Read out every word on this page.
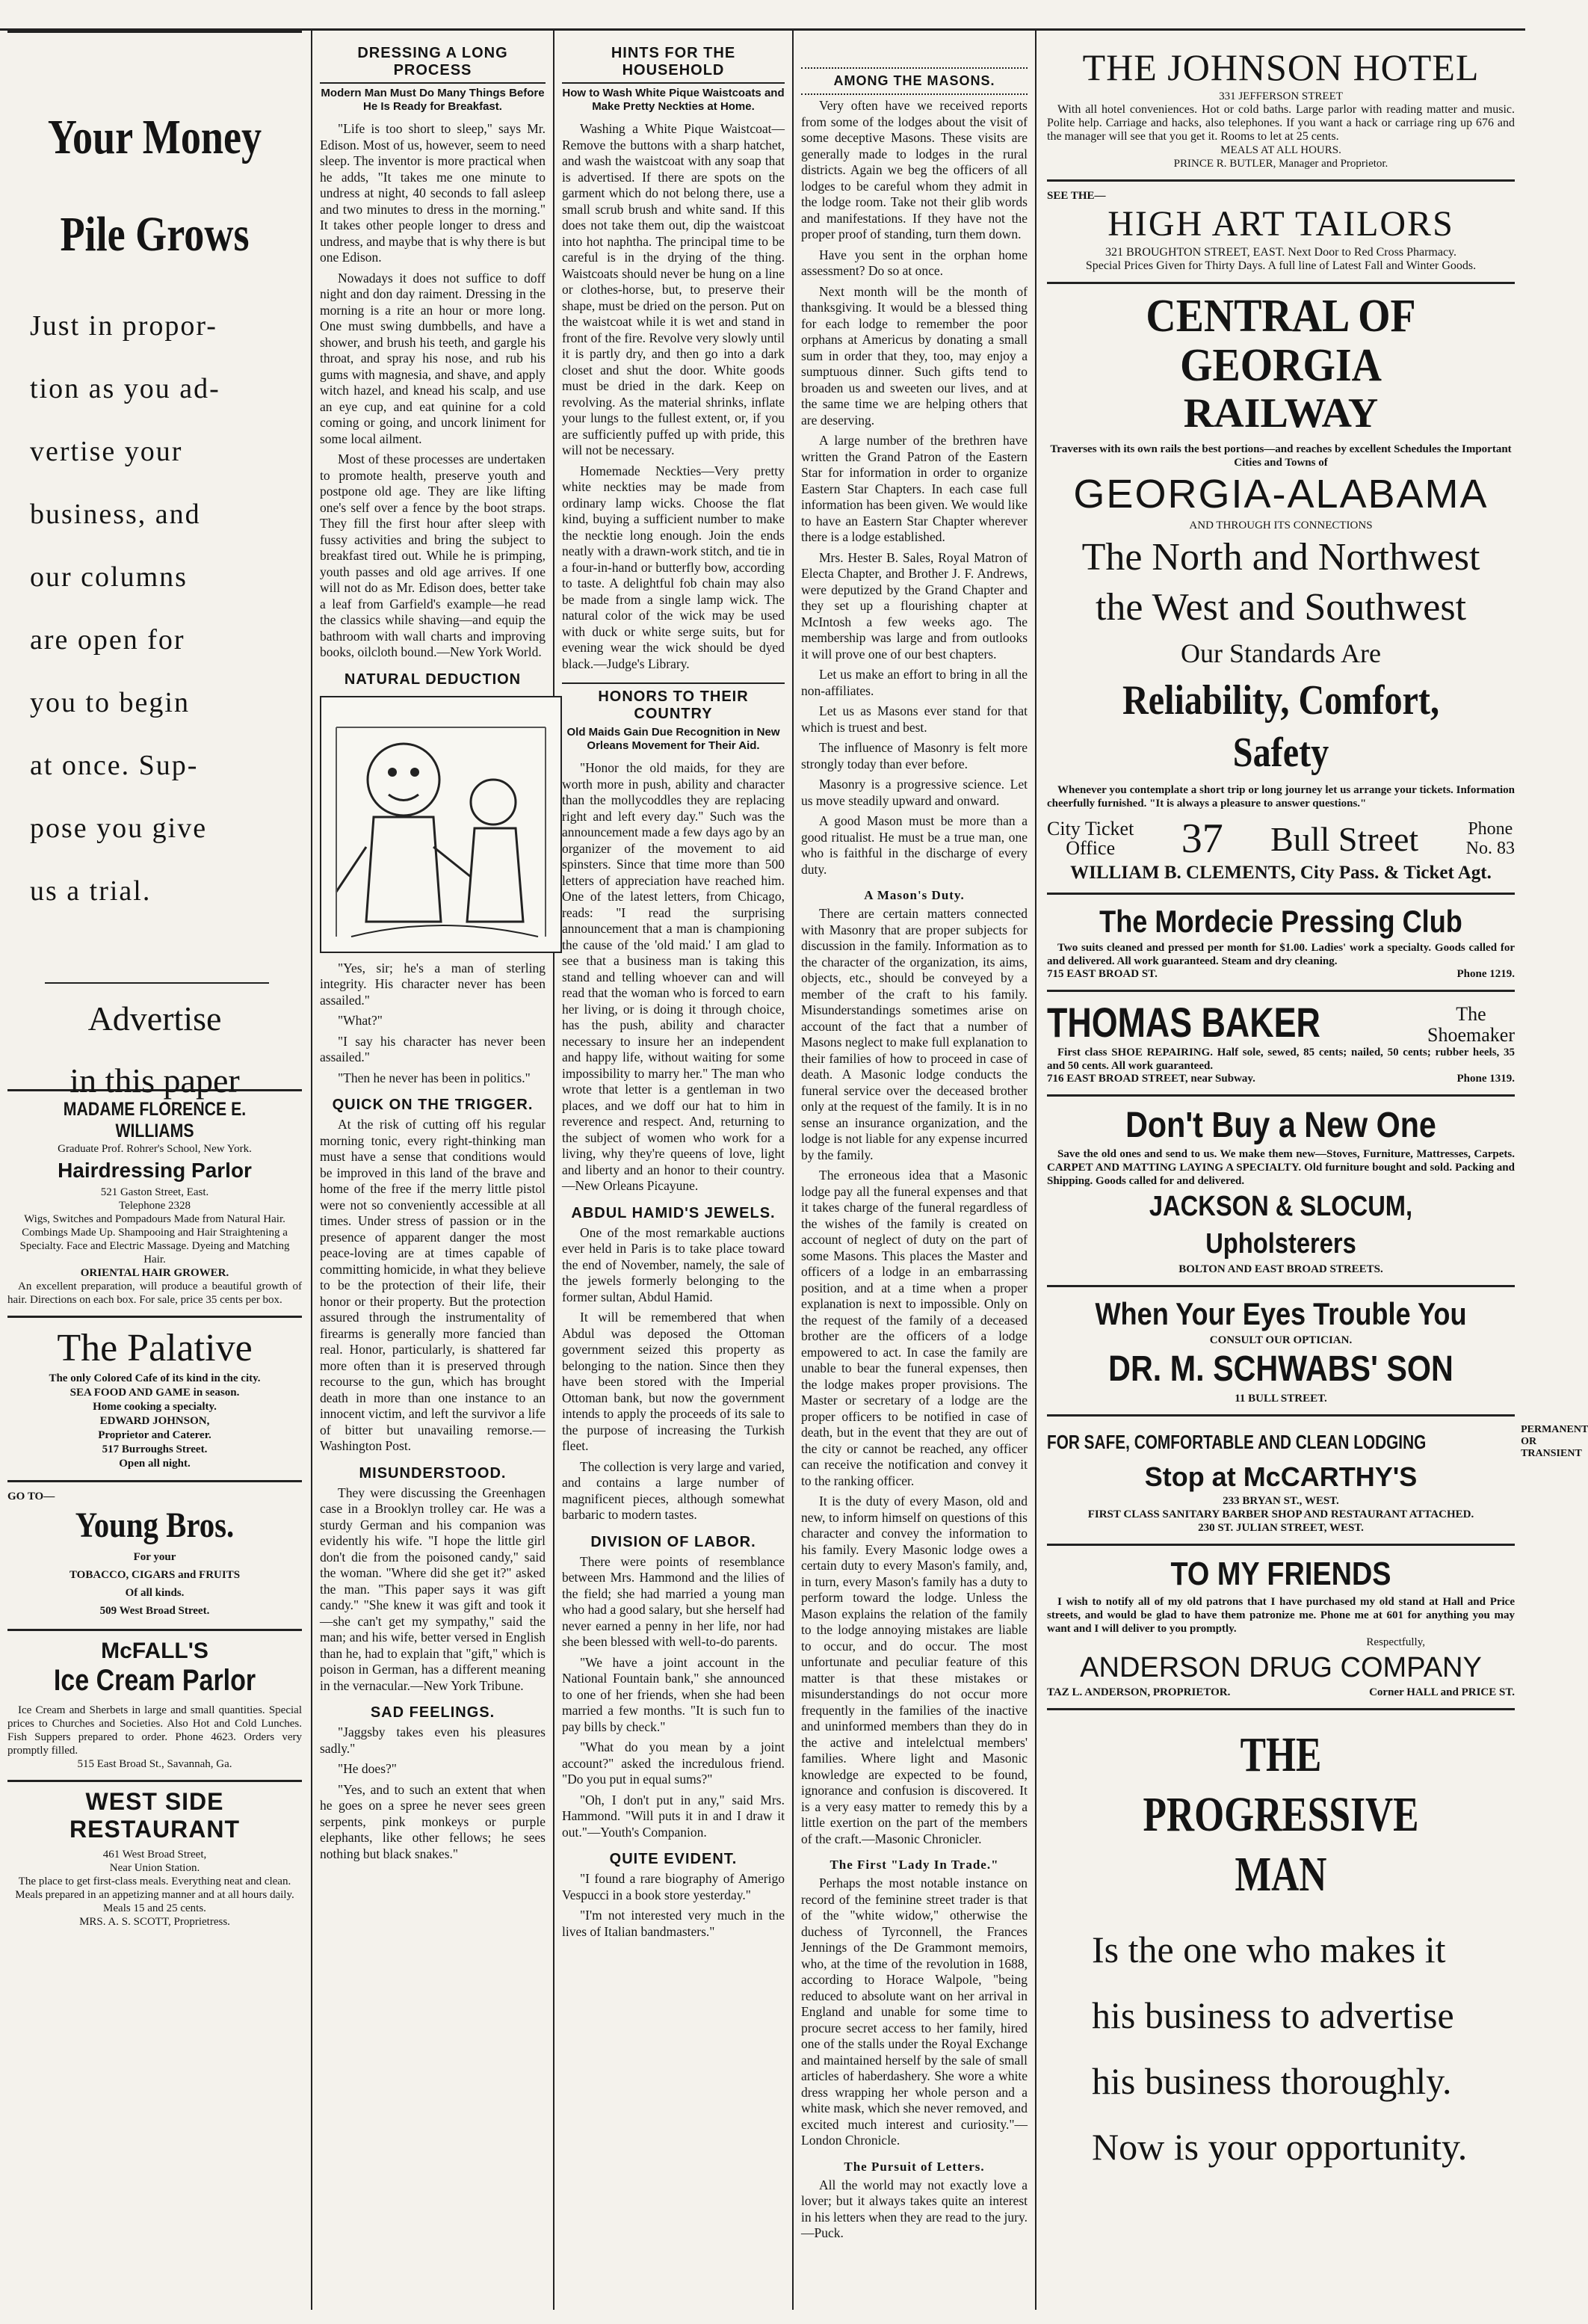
Your Money
Pile Grows
Just in propor-
tion as you ad-
vertise your
business, and
our columns
are open for
you to begin
at once. Sup-
pose you give
us a trial.
Advertise
in this paper
MADAME FLORENCE E. WILLIAMS

Graduate Prof. Rohrer's School, New York.

Hairdressing Parlor

521 Gaston Street, East.

Telephone 2328

Wigs, Switches and Pompadours Made from Natural Hair. Combings Made Up. Shampooing and Hair Straightening a Specialty. Face and Electric Massage. Dyeing and Matching Hair.

ORIENTAL HAIR GROWER.

An excellent preparation, will produce a beautiful growth of hair. Directions on each box. For sale, price 35 cents per box.

The Palative
The only Colored Cafe of its kind in the city.
SEA FOOD AND GAME in season.
Home cooking a specialty.
EDWARD JOHNSON,
Proprietor and Caterer.
517 Burroughs Street.
Open all night.

GO TO—

Young Bros.
For your
TOBACCO, CIGARS and FRUITS
Of all kinds.
509 West Broad Street.
McFALL'S
Ice Cream Parlor

Ice Cream and Sherbets in large and small quantities. Special prices to Churches and Societies. Also Hot and Cold Lunches. Fish Suppers prepared to order. Phone 4623. Orders very promptly filled.

515 East Broad St., Savannah, Ga.

WEST SIDE
RESTAURANT
461 West Broad Street,
Near Union Station.
The place to get first-class meals. Everything neat and clean. Meals prepared in an appetizing manner and at all hours daily.
Meals 15 and 25 cents.
MRS. A. S. SCOTT, Proprietress.
DRESSING A LONG PROCESS
Modern Man Must Do Many Things Before He Is Ready for Breakfast.

"Life is too short to sleep," says Mr. Edison. Most of us, however, seem to need sleep. The inventor is more practical when he adds, "It takes me one minute to undress at night, 40 seconds to fall asleep and two minutes to dress in the morning." It takes other people longer to dress and undress, and maybe that is why there is but one Edison.

Nowadays it does not suffice to doff night and don day raiment. Dressing in the morning is a rite an hour or more long. One must swing dumbbells, and have a shower, and brush his teeth, and gargle his throat, and spray his nose, and rub his gums with magnesia, and shave, and apply witch hazel, and knead his scalp, and use an eye cup, and eat quinine for a cold coming or going, and uncork liniment for some local ailment.

Most of these processes are undertaken to promote health, preserve youth and postpone old age. They are like lifting one's self over a fence by the boot straps. They fill the first hour after sleep with fussy activities and bring the subject to breakfast tired out. While he is primping, youth passes and old age arrives. If one will not do as Mr. Edison does, better take a leaf from Garfield's example—he read the classics while shaving—and equip the bathroom with wall charts and improving books, oilcloth bound.—New York World.

NATURAL DEDUCTION

"Yes, sir; he's a man of sterling integrity. His character never has been assailed."

"What?"

"I say his character has never been assailed."

"Then he never has been in politics."

QUICK ON THE TRIGGER.

At the risk of cutting off his regular morning tonic, every right-thinking man must have a sense that conditions would be improved in this land of the brave and home of the free if the merry little pistol were not so conveniently accessible at all times. Under stress of passion or in the presence of apparent danger the most peace-loving are at times capable of committing homicide, in what they believe to be the protection of their life, their honor or their property. But the protection assured through the instrumentality of firearms is generally more fancied than real. Honor, particularly, is shattered far more often than it is preserved through recourse to the gun, which has brought death in more than one instance to an innocent victim, and left the survivor a life of bitter but unavailing remorse.—Washington Post.

MISUNDERSTOOD.

They were discussing the Greenhagen case in a Brooklyn trolley car. He was a sturdy German and his companion was evidently his wife. "I hope the little girl don't die from the poisoned candy," said the woman. "Where did she get it?" asked the man. "This paper says it was gift candy." "She knew it was gift and took it—she can't get my sympathy," said the man; and his wife, better versed in English than he, had to explain that "gift," which is poison in German, has a different meaning in the vernacular.—New York Tribune.

SAD FEELINGS.

"Jaggsby takes even his pleasures sadly."

"He does?"

"Yes, and to such an extent that when he goes on a spree he never sees green serpents, pink monkeys or purple elephants, like other fellows; he sees nothing but black snakes."

HINTS FOR THE HOUSEHOLD
How to Wash White Pique Waistcoats and Make Pretty Neckties at Home.

Washing a White Pique Waistcoat—Remove the buttons with a sharp hatchet, and wash the waistcoat with any soap that is advertised. If there are spots on the garment which do not belong there, use a small scrub brush and white sand. If this does not take them out, dip the waistcoat into hot naphtha. The principal time to be careful is in the drying of the thing. Waistcoats should never be hung on a line or clothes-horse, but, to preserve their shape, must be dried on the person. Put on the waistcoat while it is wet and stand in front of the fire. Revolve very slowly until it is partly dry, and then go into a dark closet and shut the door. White goods must be dried in the dark. Keep on revolving. As the material shrinks, inflate your lungs to the fullest extent, or, if you are sufficiently puffed up with pride, this will not be necessary.

Homemade Neckties—Very pretty white neckties may be made from ordinary lamp wicks. Choose the flat kind, buying a sufficient number to make the necktie long enough. Join the ends neatly with a drawn-work stitch, and tie in a four-in-hand or butterfly bow, according to taste. A delightful fob chain may also be made from a single lamp wick. The natural color of the wick may be used with duck or white serge suits, but for evening wear the wick should be dyed black.—Judge's Library.

HONORS TO THEIR COUNTRY
Old Maids Gain Due Recognition in New Orleans Movement for Their Aid.

"Honor the old maids, for they are worth more in push, ability and character than the mollycoddles they are replacing right and left every day." Such was the announcement made a few days ago by an organizer of the movement to aid spinsters. Since that time more than 500 letters of appreciation have reached him. One of the latest letters, from Chicago, reads: "I read the surprising announcement that a man is championing the cause of the 'old maid.' I am glad to see that a business man is taking this stand and telling whoever can and will read that the woman who is forced to earn her living, or is doing it through choice, has the push, ability and character necessary to insure her an independent and happy life, without waiting for some impossibility to marry her." The man who wrote that letter is a gentleman in two places, and we doff our hat to him in reverence and respect. And, returning to the subject of women who work for a living, why they're queens of love, light and liberty and an honor to their country.—New Orleans Picayune.

ABDUL HAMID'S JEWELS.

One of the most remarkable auctions ever held in Paris is to take place toward the end of November, namely, the sale of the jewels formerly belonging to the former sultan, Abdul Hamid.

It will be remembered that when Abdul was deposed the Ottoman government seized this property as belonging to the nation. Since then they have been stored with the Imperial Ottoman bank, but now the government intends to apply the proceeds of its sale to the purpose of increasing the Turkish fleet.

The collection is very large and varied, and contains a large number of magnificent pieces, although somewhat barbaric to modern tastes.

DIVISION OF LABOR.

There were points of resemblance between Mrs. Hammond and the lilies of the field; she had married a young man who had a good salary, but she herself had never earned a penny in her life, nor had she been blessed with well-to-do parents.

"We have a joint account in the National Fountain bank," she announced to one of her friends, when she had been married a few months. "It is such fun to pay bills by check."

"What do you mean by a joint account?" asked the incredulous friend. "Do you put in equal sums?"

"Oh, I don't put in any," said Mrs. Hammond. "Will puts it in and I draw it out."—Youth's Companion.

QUITE EVIDENT.

"I found a rare biography of Amerigo Vespucci in a book store yesterday."

"I'm not interested very much in the lives of Italian bandmasters."

AMONG THE MASONS.

Very often have we received reports from some of the lodges about the visit of some deceptive Masons. These visits are generally made to lodges in the rural districts. Again we beg the officers of all lodges to be careful whom they admit in the lodge room. Take not their glib words and manifestations. If they have not the proper proof of standing, turn them down.

Have you sent in the orphan home assessment? Do so at once.

Next month will be the month of thanksgiving. It would be a blessed thing for each lodge to remember the poor orphans at Americus by donating a small sum in order that they, too, may enjoy a sumptuous dinner. Such gifts tend to broaden us and sweeten our lives, and at the same time we are helping others that are deserving.

A large number of the brethren have written the Grand Patron of the Eastern Star for information in order to organize Eastern Star Chapters. In each case full information has been given. We would like to have an Eastern Star Chapter wherever there is a lodge established.

Mrs. Hester B. Sales, Royal Matron of Electa Chapter, and Brother J. F. Andrews, were deputized by the Grand Chapter and they set up a flourishing chapter at McIntosh a few weeks ago. The membership was large and from outlooks it will prove one of our best chapters.

Let us make an effort to bring in all the non-affiliates.

Let us as Masons ever stand for that which is truest and best.

The influence of Masonry is felt more strongly today than ever before.

Masonry is a progressive science. Let us move steadily upward and onward.

A good Mason must be more than a good ritualist. He must be a true man, one who is faithful in the discharge of every duty.

A Mason's Duty.

There are certain matters connected with Masonry that are proper subjects for discussion in the family. Information as to the character of the organization, its aims, objects, etc., should be conveyed by a member of the craft to his family. Misunderstandings sometimes arise on account of the fact that a number of Masons neglect to make full explanation to their families of how to proceed in case of death. A Masonic lodge conducts the funeral service over the deceased brother only at the request of the family. It is in no sense an insurance organization, and the lodge is not liable for any expense incurred by the family.

The erroneous idea that a Masonic lodge pay all the funeral expenses and that it takes charge of the funeral regardless of the wishes of the family is created on account of neglect of duty on the part of some Masons. This places the Master and officers of a lodge in an embarrassing position, and at a time when a proper explanation is next to impossible. Only on the request of the family of a deceased brother are the officers of a lodge empowered to act. In case the family are unable to bear the funeral expenses, then the lodge makes proper provisions. The Master or secretary of a lodge are the proper officers to be notified in case of death, but in the event that they are out of the city or cannot be reached, any officer can receive the notification and convey it to the ranking officer.

It is the duty of every Mason, old and new, to inform himself on questions of this character and convey the information to his family. Every Masonic lodge owes a certain duty to every Mason's family, and, in turn, every Mason's family has a duty to perform toward the lodge. Unless the Mason explains the relation of the family to the lodge annoying mistakes are liable to occur, and do occur. The most unfortunate and peculiar feature of this matter is that these mistakes or misunderstandings do not occur more frequently in the families of the inactive and uninformed members than they do in the active and intelelctual members' families. Where light and Masonic knowledge are expected to be found, ignorance and confusion is discovered. It is a very easy matter to remedy this by a little exertion on the part of the members of the craft.—Masonic Chronicler.

The First "Lady In Trade."

Perhaps the most notable instance on record of the feminine street trader is that of the "white widow," otherwise the duchess of Tyrconnell, the Frances Jennings of the De Grammont memoirs, who, at the time of the revolution in 1688, according to Horace Walpole, "being reduced to absolute want on her arrival in England and unable for some time to procure secret access to her family, hired one of the stalls under the Royal Exchange and maintained herself by the sale of small articles of haberdashery. She wore a white dress wrapping her whole person and a white mask, which she never removed, and excited much interest and curiosity."—London Chronicle.

The Pursuit of Letters.

All the world may not exactly love a lover; but it always takes quite an interest in his letters when they are read to the jury.—Puck.

THE JOHNSON HOTEL

331 JEFFERSON STREET

With all hotel conveniences. Hot or cold baths. Large parlor with reading matter and music. Polite help. Carriage and hacks, also telephones. If you want a hack or carriage ring up 676 and the manager will see that you get it. Rooms to let at 25 cents.

MEALS AT ALL HOURS.

PRINCE R. BUTLER, Manager and Proprietor.

SEE THE—

HIGH ART TAILORS

321 BROUGHTON STREET, EAST. Next Door to Red Cross Pharmacy.

Special Prices Given for Thirty Days. A full line of Latest Fall and Winter Goods.

CENTRAL OF GEORGIA
RAILWAY

Traverses with its own rails the best portions—and reaches by excellent Schedules the Important Cities and Towns of

GEORGIA-ALABAMA

AND THROUGH ITS CONNECTIONS

The North and Northwest
the West and Southwest
Our Standards Are
Reliability, Comfort, Safety

Whenever you contemplate a short trip or long journey let us arrange your tickets. Information cheerfully furnished. "It is always a pleasure to answer questions."

City Ticket
Office	37 Bull Street	Phone
No. 83
WILLIAM B. CLEMENTS, City Pass. & Ticket Agt.
The Mordecie Pressing Club

Two suits cleaned and pressed per month for $1.00. Ladies' work a specialty. Goods called for and delivered. All work guaranteed. Steam and dry cleaning.

715 EAST BROAD ST.	Phone 1219.
THOMAS BAKER	The
Shoemaker

First class SHOE REPAIRING. Half sole, sewed, 85 cents; nailed, 50 cents; rubber heels, 35 and 50 cents. All work guaranteed.

716 EAST BROAD STREET, near Subway.	Phone 1319.
Don't Buy a New One

Save the old ones and send to us. We make them new—Stoves, Furniture, Mattresses, Carpets. CARPET AND MATTING LAYING A SPECIALTY. Old furniture bought and sold. Packing and Shipping. Goods called for and delivered.

JACKSON & SLOCUM, Upholsterers

BOLTON AND EAST BROAD STREETS.

When Your Eyes Trouble You

CONSULT OUR OPTICIAN.

DR. M. SCHWABS' SON

11 BULL STREET.

FOR SAFE, COMFORTABLE AND CLEAN LODGING
PERMANENT OR TRANSIENT
Stop at McCARTHY'S

233 BRYAN ST., WEST.

FIRST CLASS SANITARY BARBER SHOP AND RESTAURANT ATTACHED.

230 ST. JULIAN STREET, WEST.

TO MY FRIENDS

I wish to notify all of my old patrons that I have purchased my old stand at Hall and Price streets, and would be glad to have them patronize me. Phone me at 601 for anything you may want and I will deliver to you promptly.

Respectfully,

ANDERSON DRUG COMPANY
TAZ L. ANDERSON, PROPRIETOR.	Corner HALL and PRICE ST.
THE PROGRESSIVE MAN
Is the one who makes it
his business to advertise
his business thoroughly.
Now is your opportunity.
